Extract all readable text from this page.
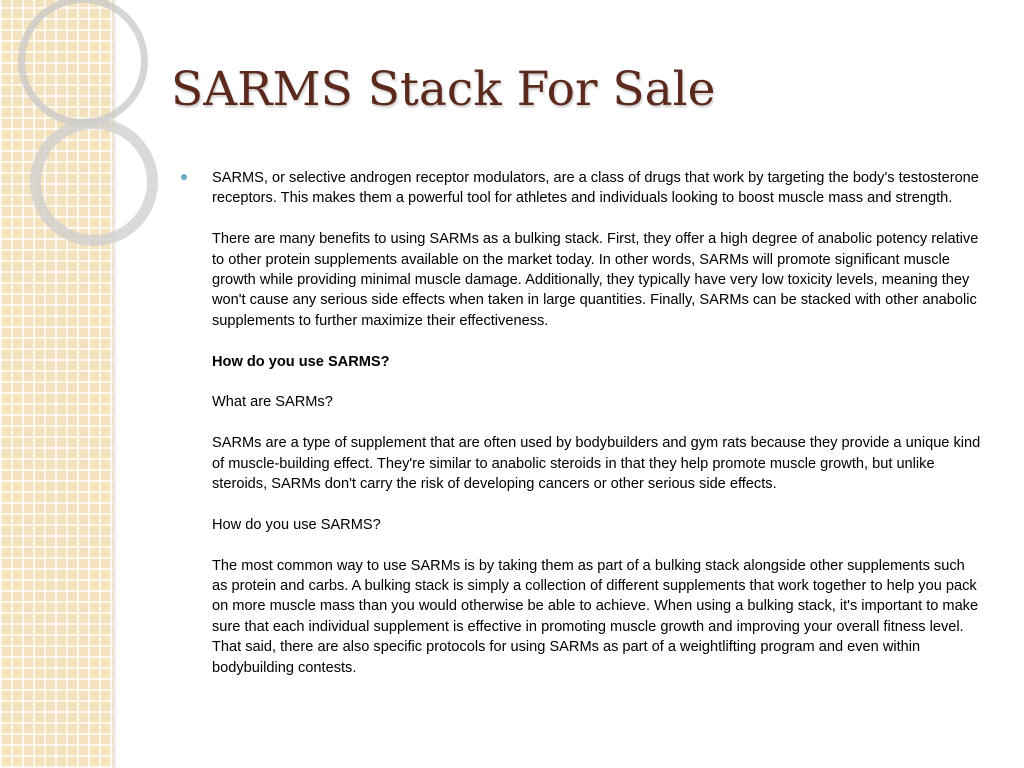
SARMS Stack For Sale

SARMS, or selective androgen receptor modulators, are a class of drugs that work by targeting the body's testosterone receptors. This makes them a powerful tool for athletes and individuals looking to boost muscle mass and strength.

There are many benefits to using SARMs as a bulking stack. First, they offer a high degree of anabolic potency relative to other protein supplements available on the market today. In other words, SARMs will promote significant muscle growth while providing minimal muscle damage. Additionally, they typically have very low toxicity levels, meaning they won't cause any serious side effects when taken in large quantities. Finally, SARMs can be stacked with other anabolic supplements to further maximize their effectiveness.

How do you use SARMS?

What are SARMs?

SARMs are a type of supplement that are often used by bodybuilders and gym rats because they provide a unique kind of muscle-building effect. They're similar to anabolic steroids in that they help promote muscle growth, but unlike steroids, SARMs don't carry the risk of developing cancers or other serious side effects.

How do you use SARMS?

The most common way to use SARMs is by taking them as part of a bulking stack alongside other supplements such as protein and carbs. A bulking stack is simply a collection of different supplements that work together to help you pack on more muscle mass than you would otherwise be able to achieve. When using a bulking stack, it's important to make sure that each individual supplement is effective in promoting muscle growth and improving your overall fitness level. That said, there are also specific protocols for using SARMs as part of a weightlifting program and even within bodybuilding contests.
